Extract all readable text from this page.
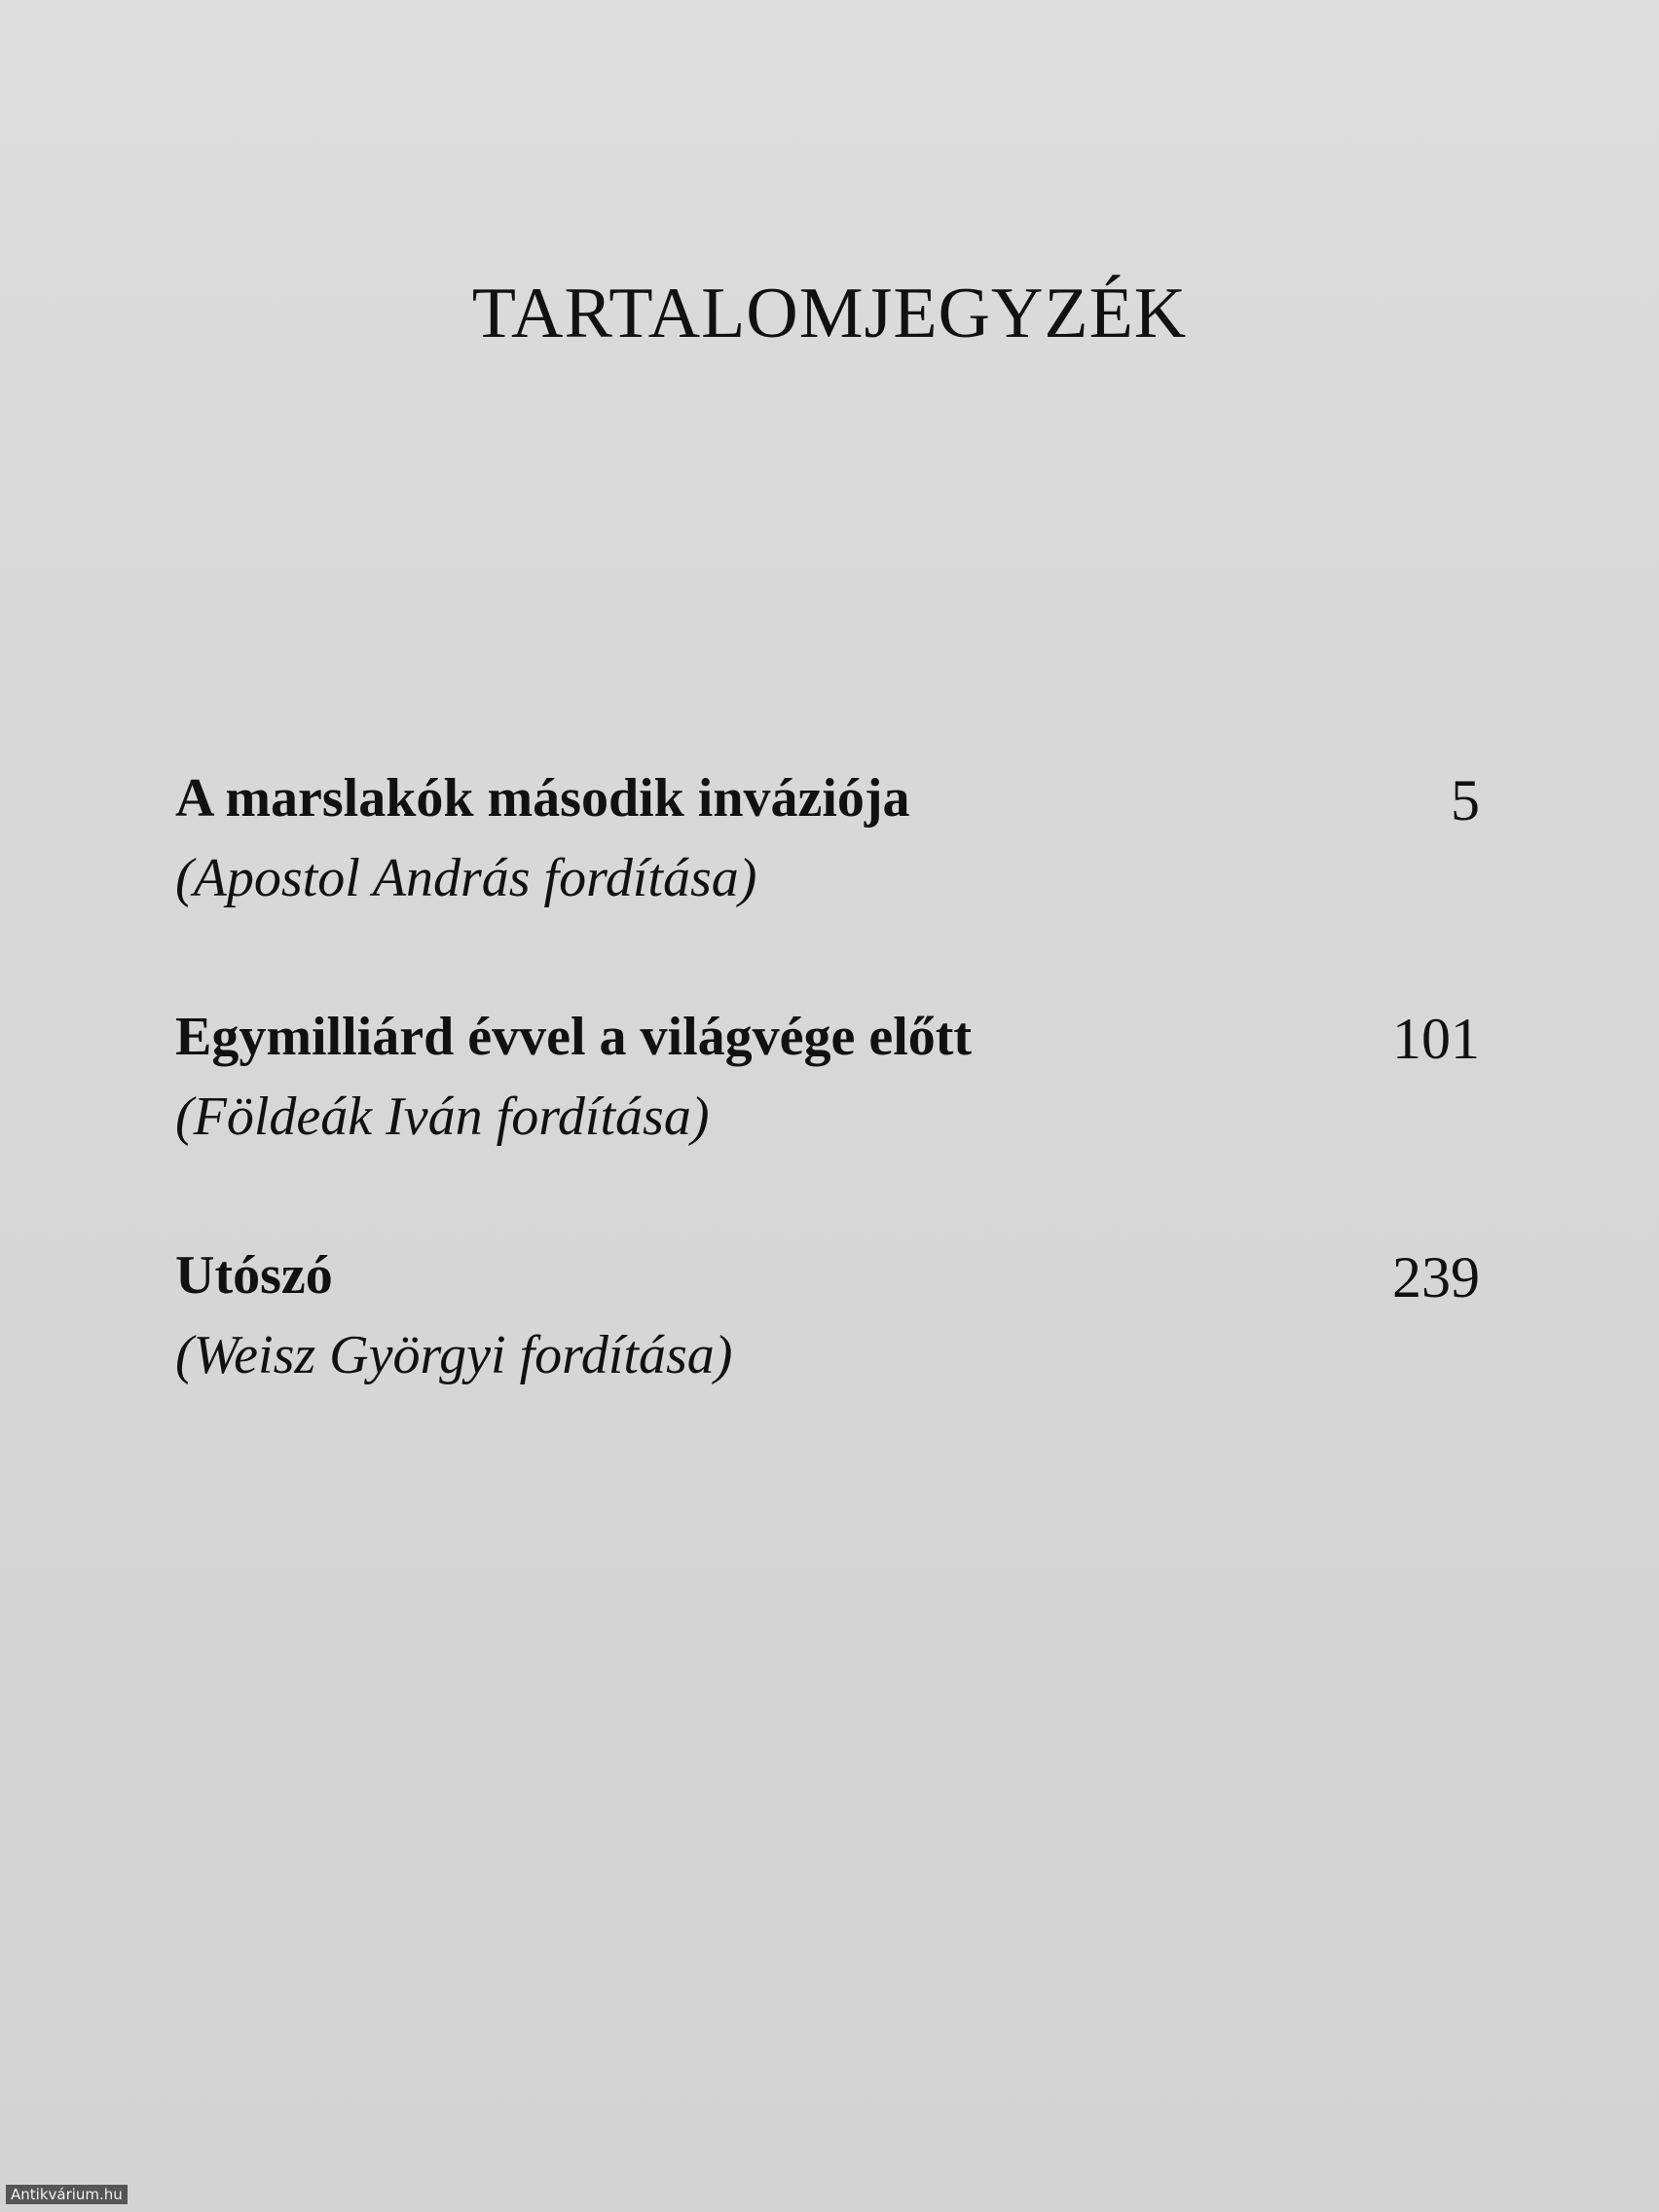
TARTALOMJEGYZÉK
A marslakók második inváziója	5
(Apostol András fordítása)
Egymilliárd évvel a világvége előtt	101
(Földeák Iván fordítása)
Utószó	239
(Weisz Györgyi fordítása)
Antikvárium.hu
